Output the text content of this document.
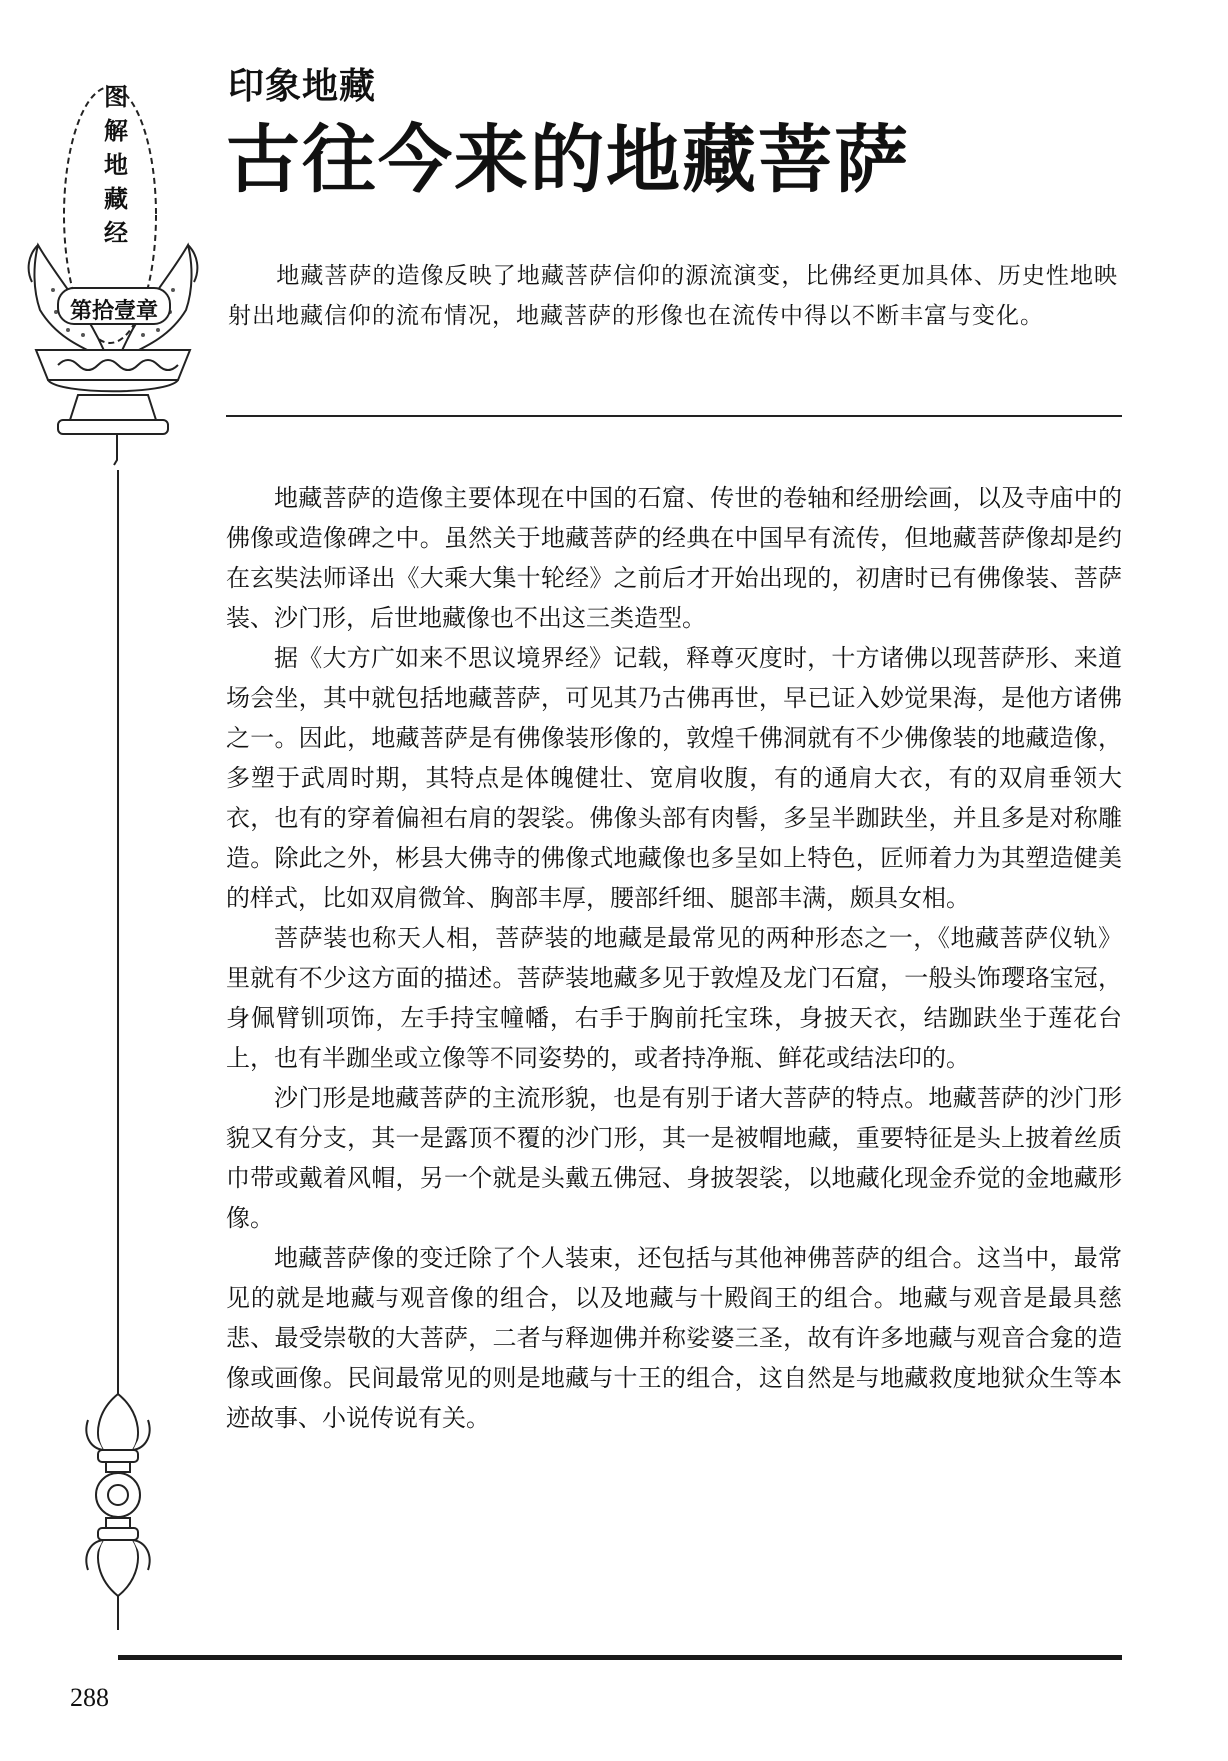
图
解
地
藏
经
第拾壹章
印象地藏
古往今来的地藏菩萨
地藏菩萨的造像反映了地藏菩萨信仰的源流演变，比佛经更加具体、历史性地映射出地藏信仰的流布情况，地藏菩萨的形像也在流传中得以不断丰富与变化。

地藏菩萨的造像主要体现在中国的石窟、传世的卷轴和经册绘画，以及寺庙中的佛像或造像碑之中。虽然关于地藏菩萨的经典在中国早有流传，但地藏菩萨像却是约在玄奘法师译出《大乘大集十轮经》之前后才开始出现的，初唐时已有佛像装、菩萨装、沙门形，后世地藏像也不出这三类造型。

据《大方广如来不思议境界经》记载，释尊灭度时，十方诸佛以现菩萨形、来道场会坐，其中就包括地藏菩萨，可见其乃古佛再世，早已证入妙觉果海，是他方诸佛之一。因此，地藏菩萨是有佛像装形像的，敦煌千佛洞就有不少佛像装的地藏造像，多塑于武周时期，其特点是体魄健壮、宽肩收腹，有的通肩大衣，有的双肩垂领大衣，也有的穿着偏袒右肩的袈裟。佛像头部有肉髻，多呈半跏趺坐，并且多是对称雕造。除此之外，彬县大佛寺的佛像式地藏像也多呈如上特色，匠师着力为其塑造健美的样式，比如双肩微耸、胸部丰厚，腰部纤细、腿部丰满，颇具女相。

菩萨装也称天人相，菩萨装的地藏是最常见的两种形态之一，《地藏菩萨仪轨》里就有不少这方面的描述。菩萨装地藏多见于敦煌及龙门石窟，一般头饰璎珞宝冠，身佩臂钏项饰，左手持宝幢幡，右手于胸前托宝珠，身披天衣，结跏趺坐于莲花台上，也有半跏坐或立像等不同姿势的，或者持净瓶、鲜花或结法印的。

沙门形是地藏菩萨的主流形貌，也是有别于诸大菩萨的特点。地藏菩萨的沙门形貌又有分支，其一是露顶不覆的沙门形，其一是被帽地藏，重要特征是头上披着丝质巾带或戴着风帽，另一个就是头戴五佛冠、身披袈裟，以地藏化现金乔觉的金地藏形像。

地藏菩萨像的变迁除了个人装束，还包括与其他神佛菩萨的组合。这当中，最常见的就是地藏与观音像的组合，以及地藏与十殿阎王的组合。地藏与观音是最具慈悲、最受崇敬的大菩萨，二者与释迦佛并称娑婆三圣，故有许多地藏与观音合龛的造像或画像。民间最常见的则是地藏与十王的组合，这自然是与地藏救度地狱众生等本迹故事、小说传说有关。

288
